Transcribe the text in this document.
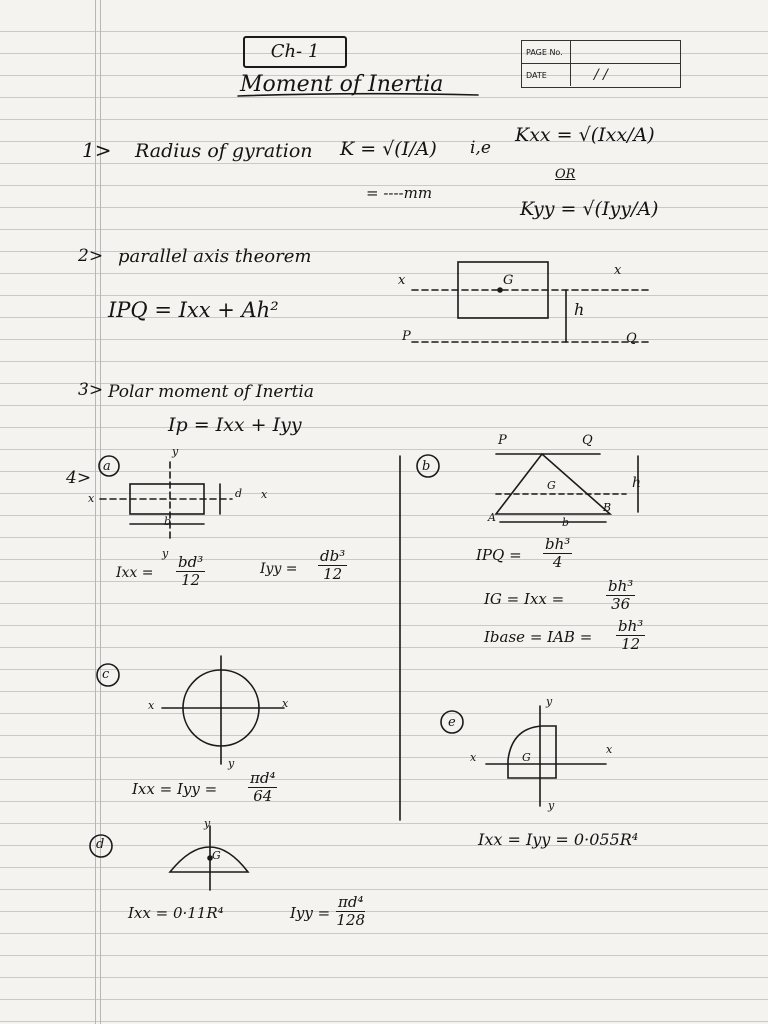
Ch- 1
Moment of Inertia
PAGE No.
DATE	/ /
1> Radius of gyration K = √(I/A) i,e
Kxx = √(Ixx/A)
OR
= ----mm
Kyy = √(Iyy/A)
2> parallel axis theorem
IPQ = Ixx + Ah²
x	G
x
h
P	Q
3> Polar moment of Inertia
Ip = Ixx + Iyy
4>
a
y
x	d x
b
y
Ixx = $\frac{\text{bd³}}{12}$	Iyy = $\frac{\text{db³}}{12}$
b
P	Q
h
G
A	b
B
IPQ = $\frac{\text{bh³}}{4}$
IG = Ixx =	$\frac{\text{bh³}}{36}$
Ibase = IAB = $\frac{\text{bh³}}{12}$
c
x	x
y
Ixx = Iyy = $\frac{\text{πd⁴}}{64}$
d
y
G
Ixx = 0·11R⁴	Iyy = $\frac{\text{πd⁴}}{128}$
e
y
x
x
G
y
Ixx = Iyy = 0·055R⁴
